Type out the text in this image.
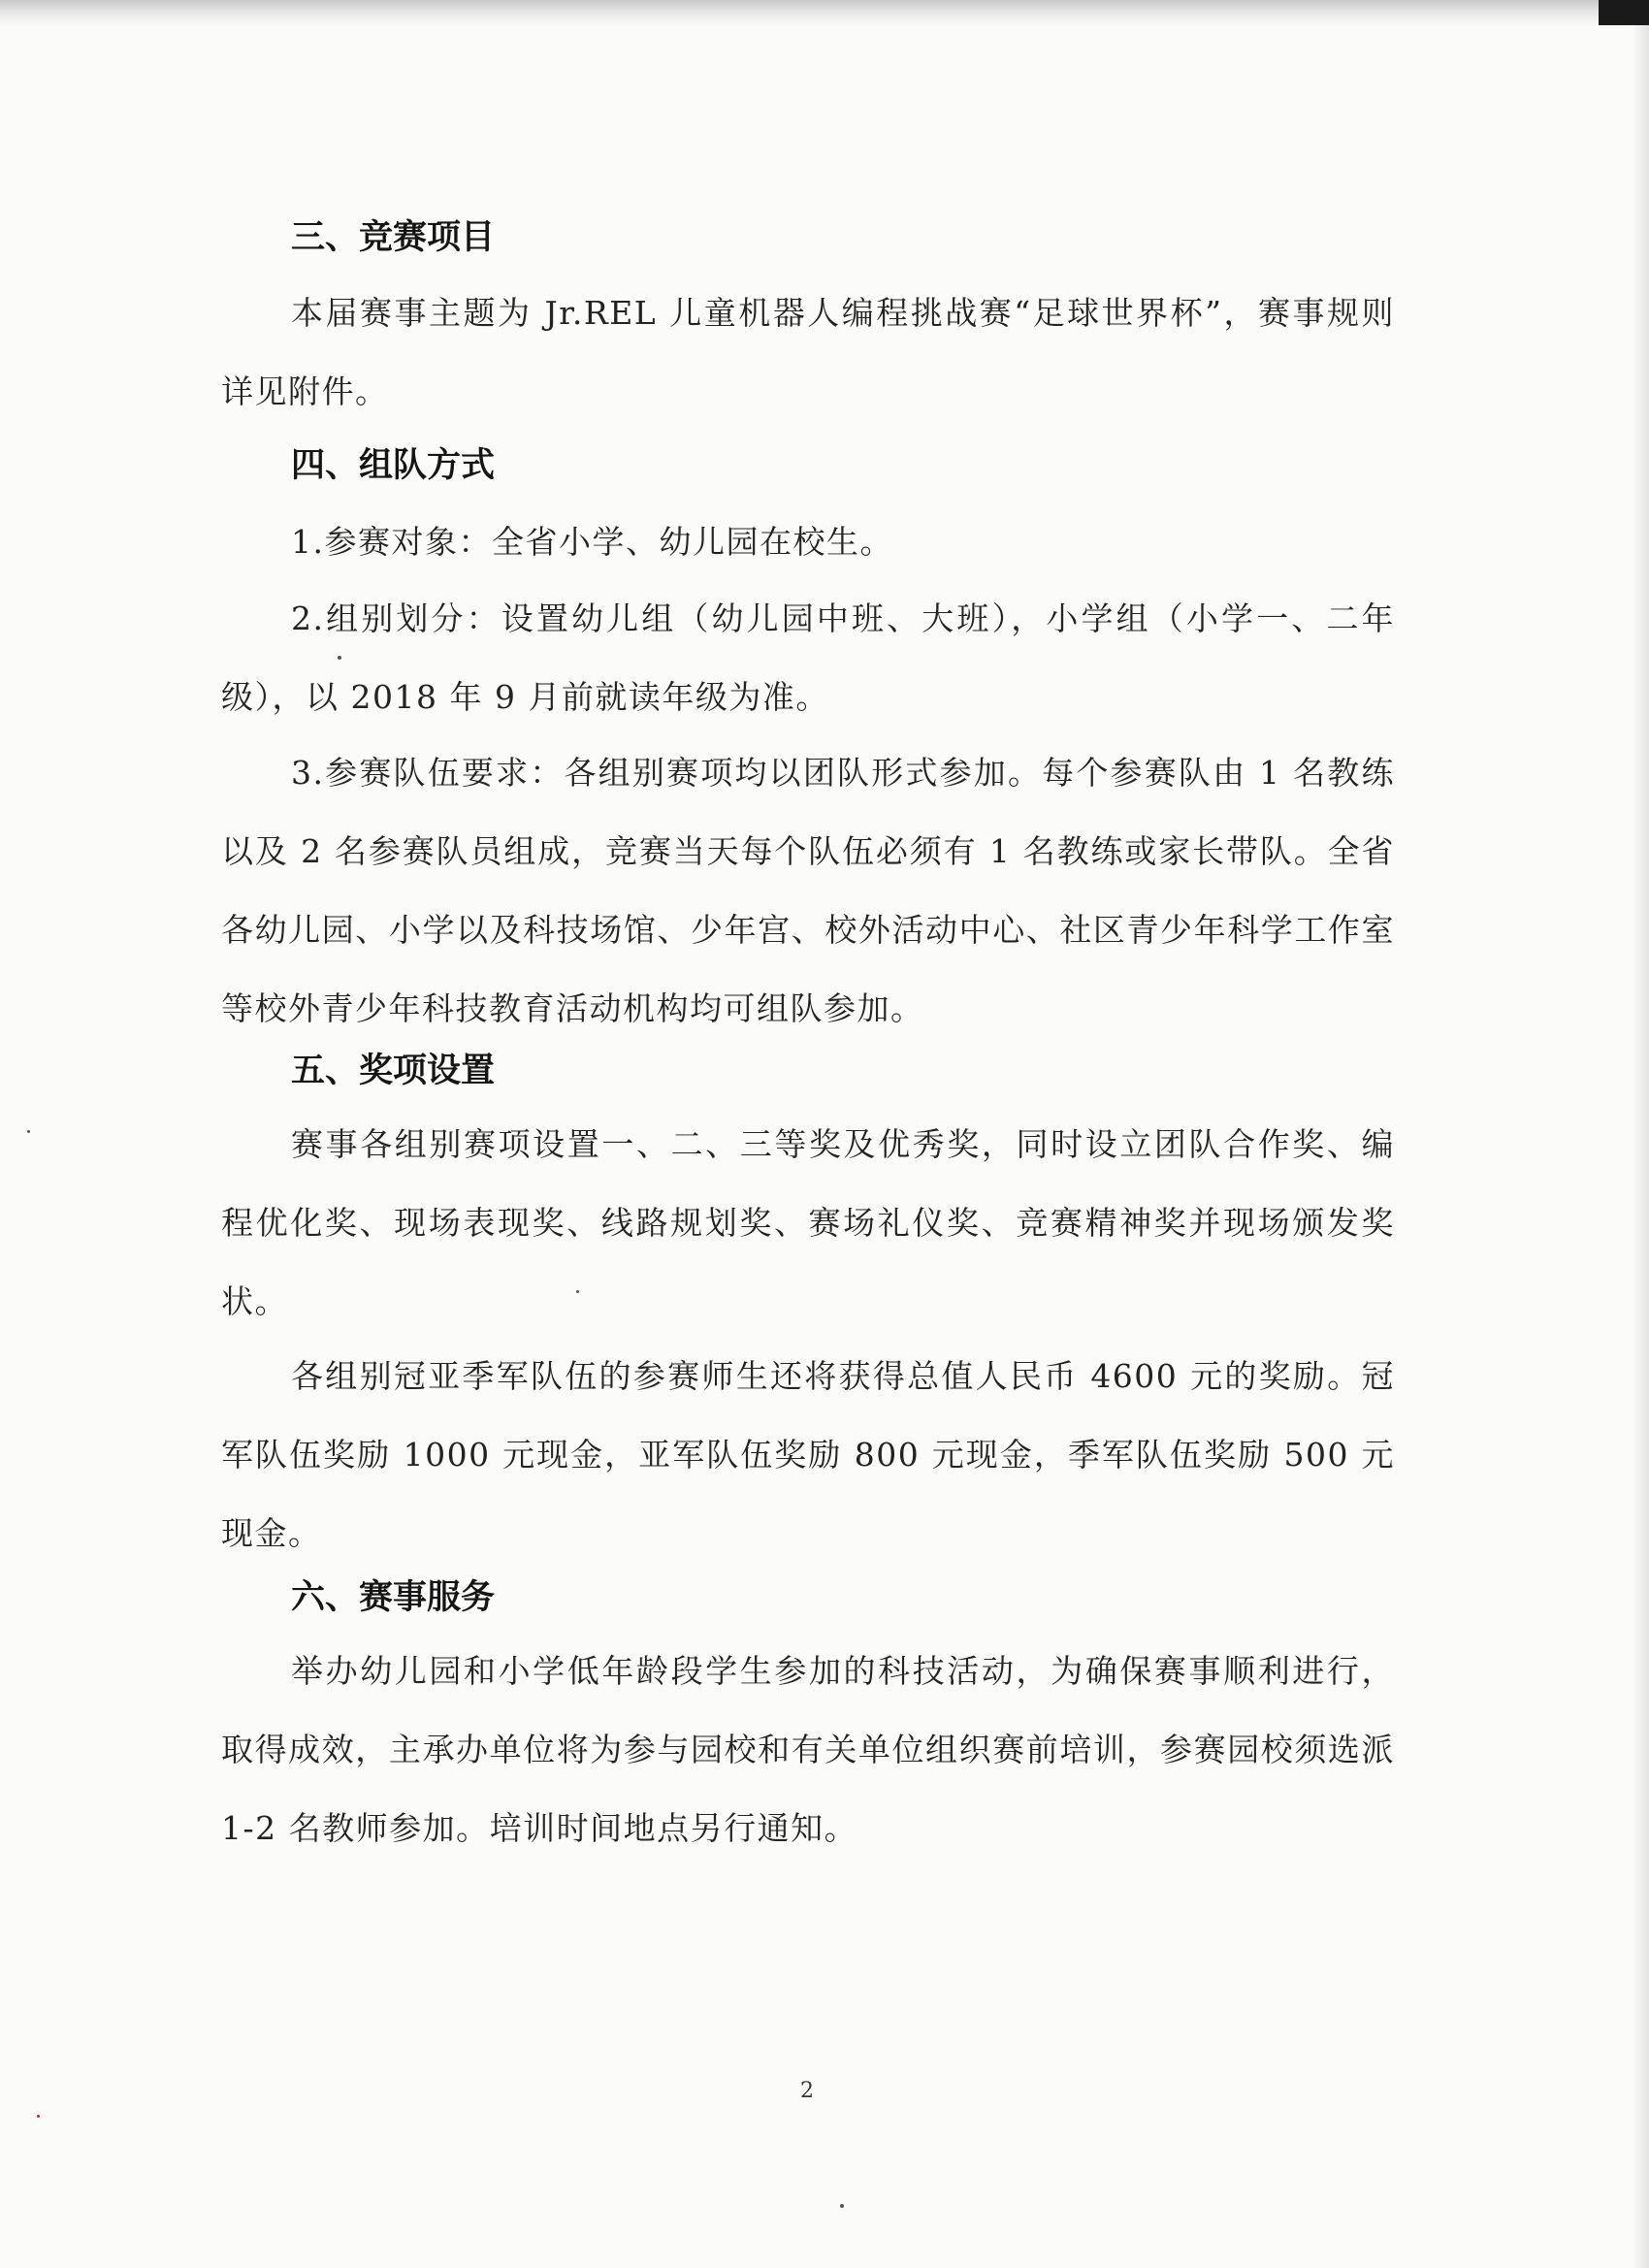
三、竞赛项目
本届赛事主题为 Jr.REL 儿童机器人编程挑战赛“足球世界杯”，赛事规则详见附件。
四、组队方式
1.参赛对象：全省小学、幼儿园在校生。
2.组别划分：设置幼儿组（幼儿园中班、大班），小学组（小学一、二年级），以 2018 年 9 月前就读年级为准。
3.参赛队伍要求：各组别赛项均以团队形式参加。每个参赛队由 1 名教练以及 2 名参赛队员组成，竞赛当天每个队伍必须有 1 名教练或家长带队。全省各幼儿园、小学以及科技场馆、少年宫、校外活动中心、社区青少年科学工作室等校外青少年科技教育活动机构均可组队参加。
五、奖项设置
赛事各组别赛项设置一、二、三等奖及优秀奖，同时设立团队合作奖、编程优化奖、现场表现奖、线路规划奖、赛场礼仪奖、竞赛精神奖并现场颁发奖状。
各组别冠亚季军队伍的参赛师生还将获得总值人民币 4600 元的奖励。冠军队伍奖励 1000 元现金，亚军队伍奖励 800 元现金，季军队伍奖励 500 元现金。
六、赛事服务
举办幼儿园和小学低年龄段学生参加的科技活动，为确保赛事顺利进行，取得成效，主承办单位将为参与园校和有关单位组织赛前培训，参赛园校须选派 1-2 名教师参加。培训时间地点另行通知。
2
